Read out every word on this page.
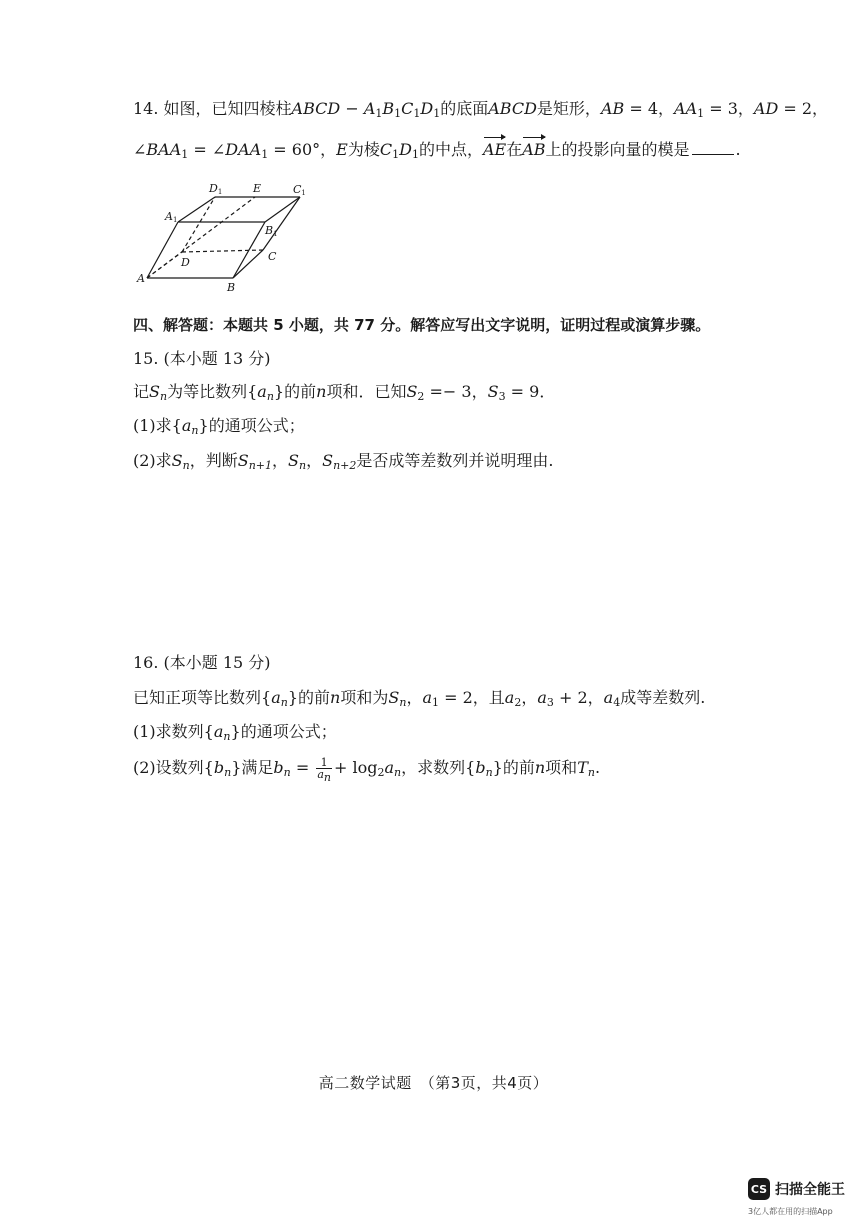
14. 如图，已知四棱柱ABCD − $A_1B_1C_1D_1$的底面ABCD是矩形，AB = 4，$AA_1 = 3$，AD = 2，
$\angle BAA_1$ = $\angle DAA_1 = 60^\circ$，E为棱$C_1D_1$的中点，AE在AB上的投影向量的模是	.
A
B
C
D
A1
B1
C1
D1	E
四、解答题：本题共 5 小题，共 77 分。解答应写出文字说明，证明过程或演算步骤。
15. (本小题 13 分)
记$S_n$为等比数列$\{a_n\}$的前n项和．已知$S_2 =- 3$，$S_3 = 9$．
(1)求$\{a_n\}$的通项公式；
(2)求$S_n$，判断$S_{n+1}$，$S_n$，$S_{n+2}$是否成等差数列并说明理由.
16. (本小题 15 分)
已知正项等比数列$\{a_n\}$的前n项和为$S_n$，$a_1 = 2$，且$a_2$，$a_3 + 2$，$a_4$成等差数列.
(1)求数列$\{a_n\}$的通项公式；
(2)设数列$\{b_n\}$满足$b_n = \frac{1}{a_n} + \log_2a_n$，求数列$\{b_n\}$的前n项和$T_n$.
高二数学试题　（第3页，共4页）
CS 扫描全能王
3亿人都在用的扫描App
